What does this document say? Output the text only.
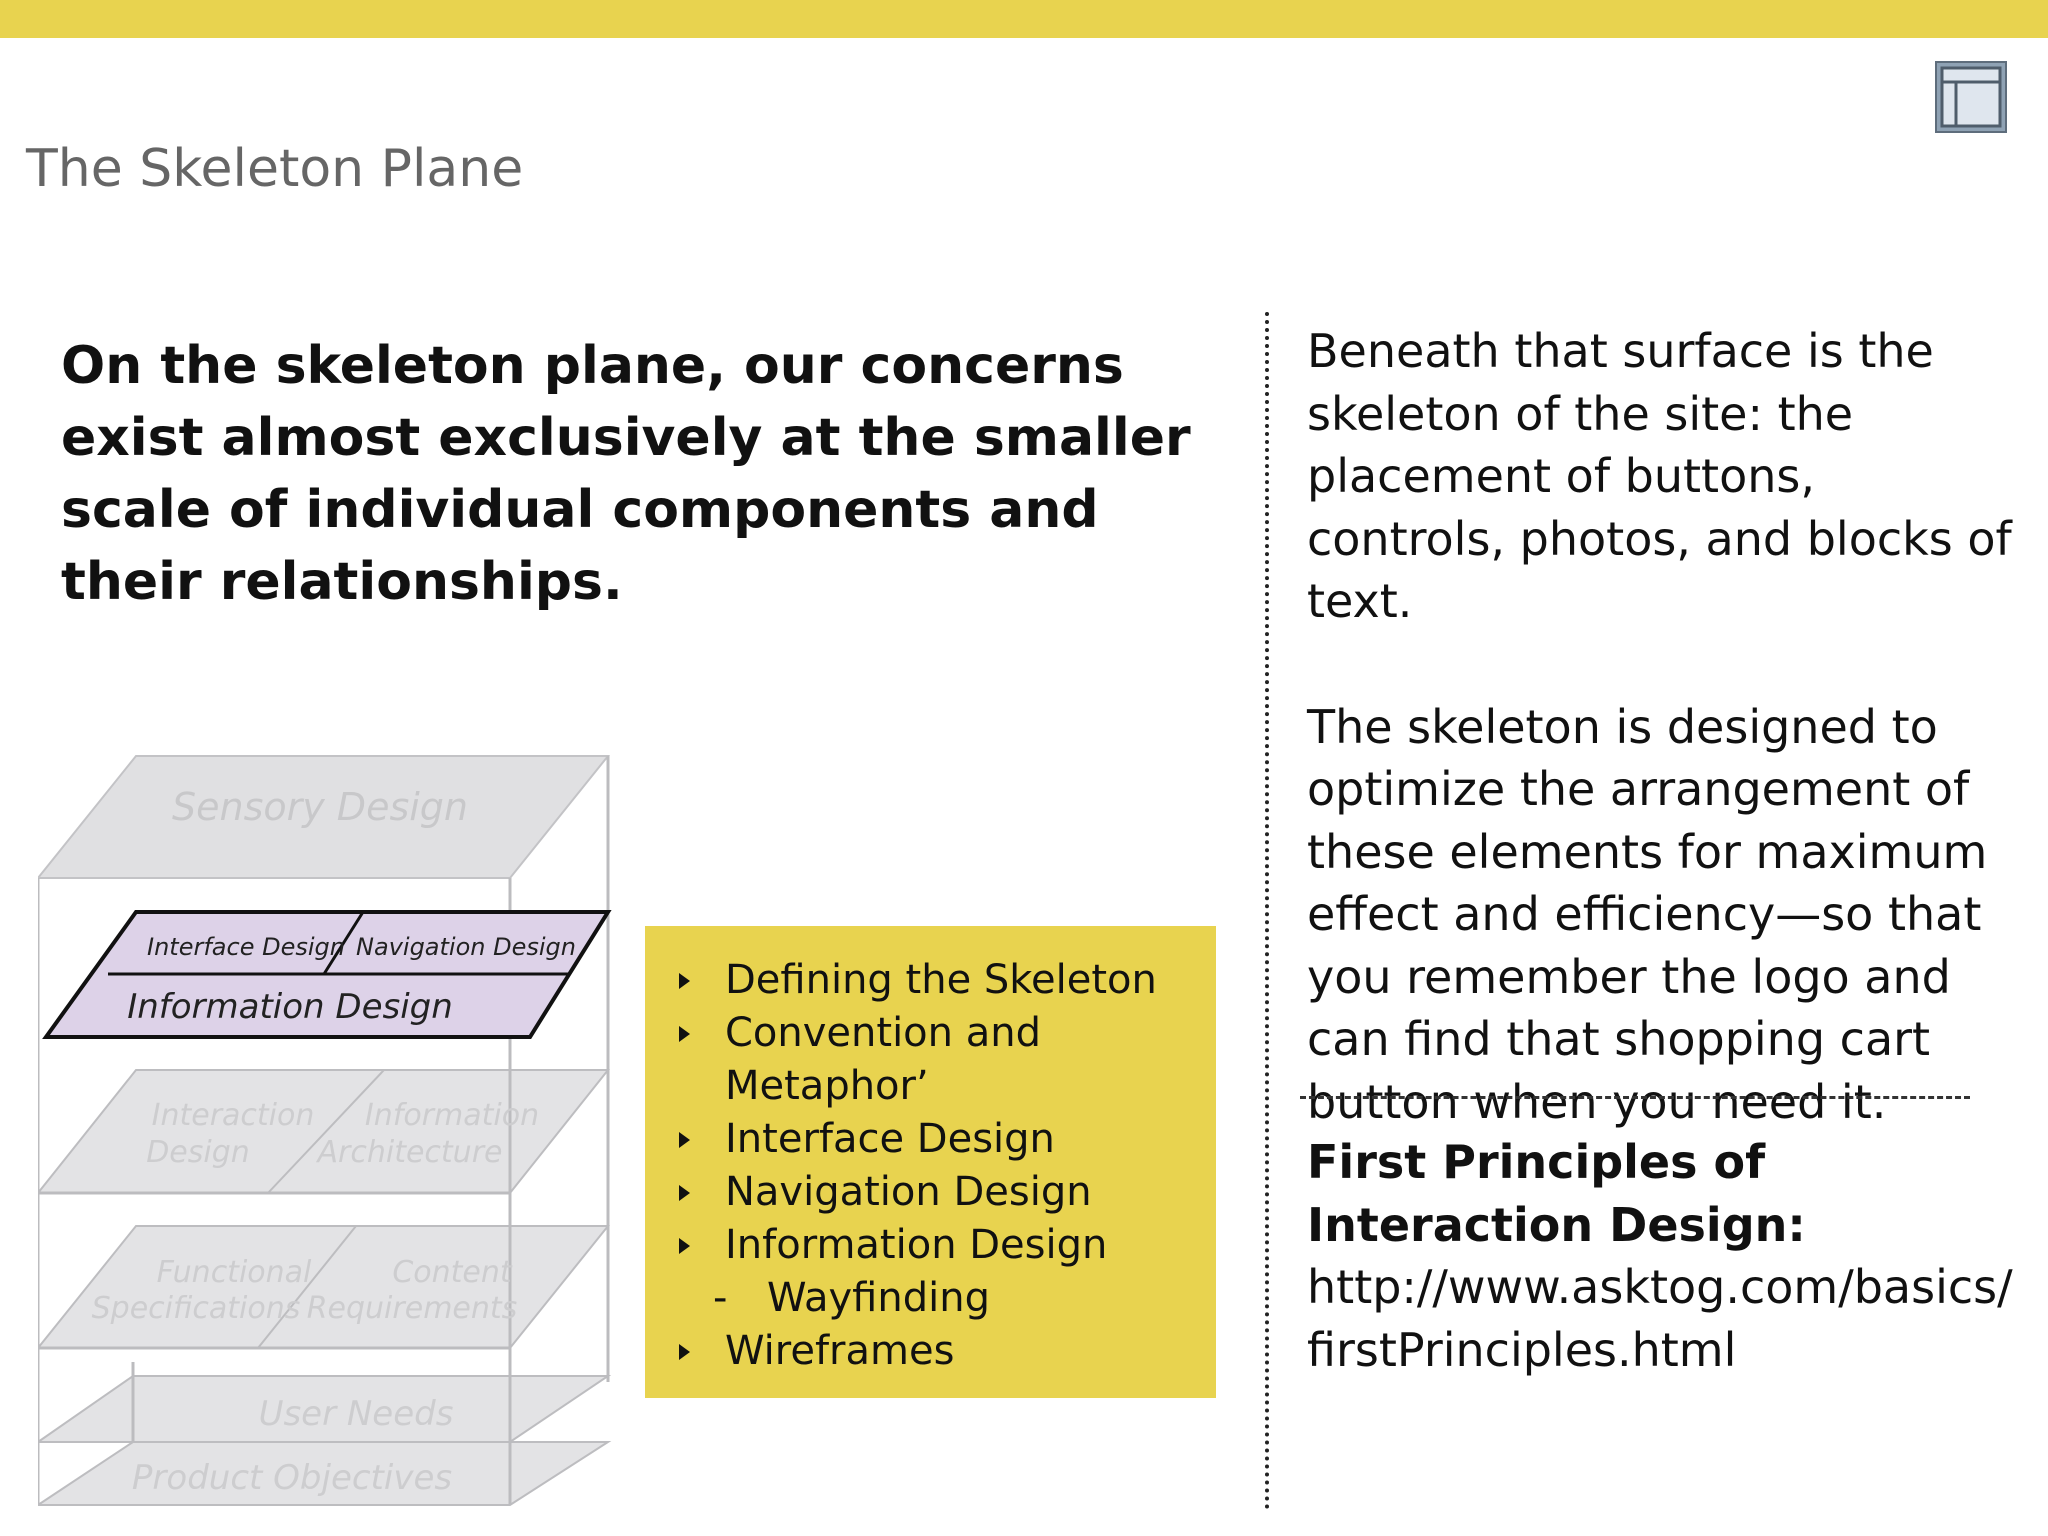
The Skeleton Plane
On the skeleton plane, our concerns exist almost exclusively at the smaller scale of individual components and their relationships.
Sensory Design
Interface Design Navigation Design
Information Design
Interaction
Design
Information
Architecture
Functional
Specifications
Content
Requirements
User Needs
Product Objectives
Defining the Skeleton
Convention and
Metaphor’
Interface Design
Navigation Design
Information Design
- Wayfinding
Wireframes

Beneath that surface is the skeleton of the site: the placement of buttons, controls, photos, and blocks of text.

The skeleton is designed to optimize the arrangement of these elements for maximum effect and efficiency—so that you remember the logo and can find that shopping cart button when you need it.

First Principles of Interaction Design:
http://www.asktog.com/basics/firstPrinciples.html
